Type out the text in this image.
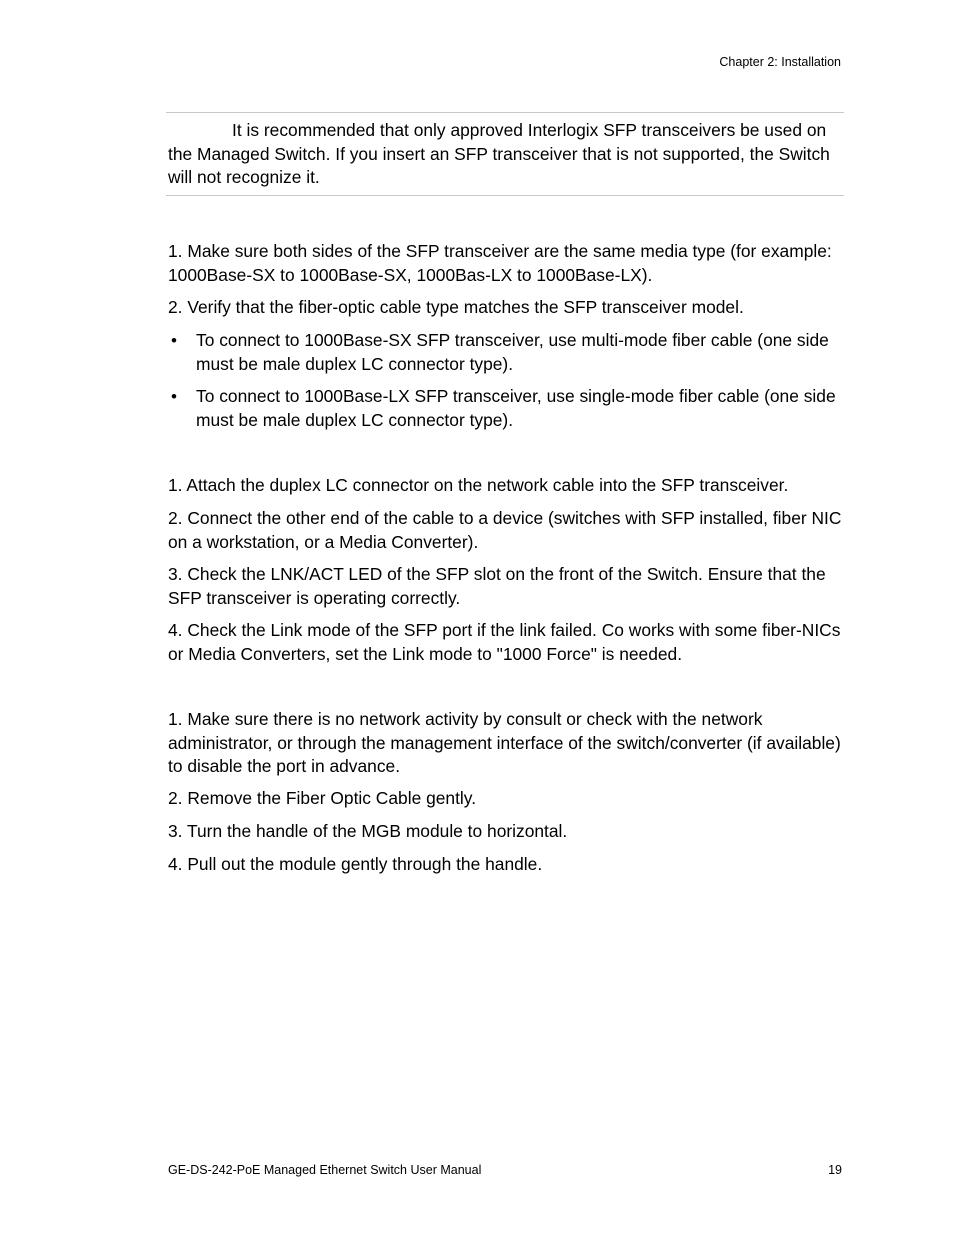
Chapter 2: Installation

It is recommended that only approved Interlogix SFP transceivers be used on the Managed Switch. If you insert an SFP transceiver that is not supported, the Switch will not recognize it.

1. Make sure both sides of the SFP transceiver are the same media type (for example: 1000Base-SX to 1000Base-SX, 1000Bas-LX to 1000Base-LX).

2. Verify that the fiber-optic cable type matches the SFP transceiver model.

• To connect to 1000Base-SX SFP transceiver, use multi-mode fiber cable (one side must be male duplex LC connector type).
• To connect to 1000Base-LX SFP transceiver, use single-mode fiber cable (one side must be male duplex LC connector type).

1. Attach the duplex LC connector on the network cable into the SFP transceiver.

2. Connect the other end of the cable to a device (switches with SFP installed, fiber NIC on a workstation, or a Media Converter).

3. Check the LNK/ACT LED of the SFP slot on the front of the Switch. Ensure that the SFP transceiver is operating correctly.

4. Check the Link mode of the SFP port if the link failed. Co works with some fiber-NICs or Media Converters, set the Link mode to "1000 Force" is needed.

1. Make sure there is no network activity by consult or check with the network administrator, or through the management interface of the switch/converter (if available) to disable the port in advance.

2. Remove the Fiber Optic Cable gently.

3. Turn the handle of the MGB module to horizontal.

4. Pull out the module gently through the handle.

GE-DS-242-PoE Managed Ethernet Switch User Manual	19
